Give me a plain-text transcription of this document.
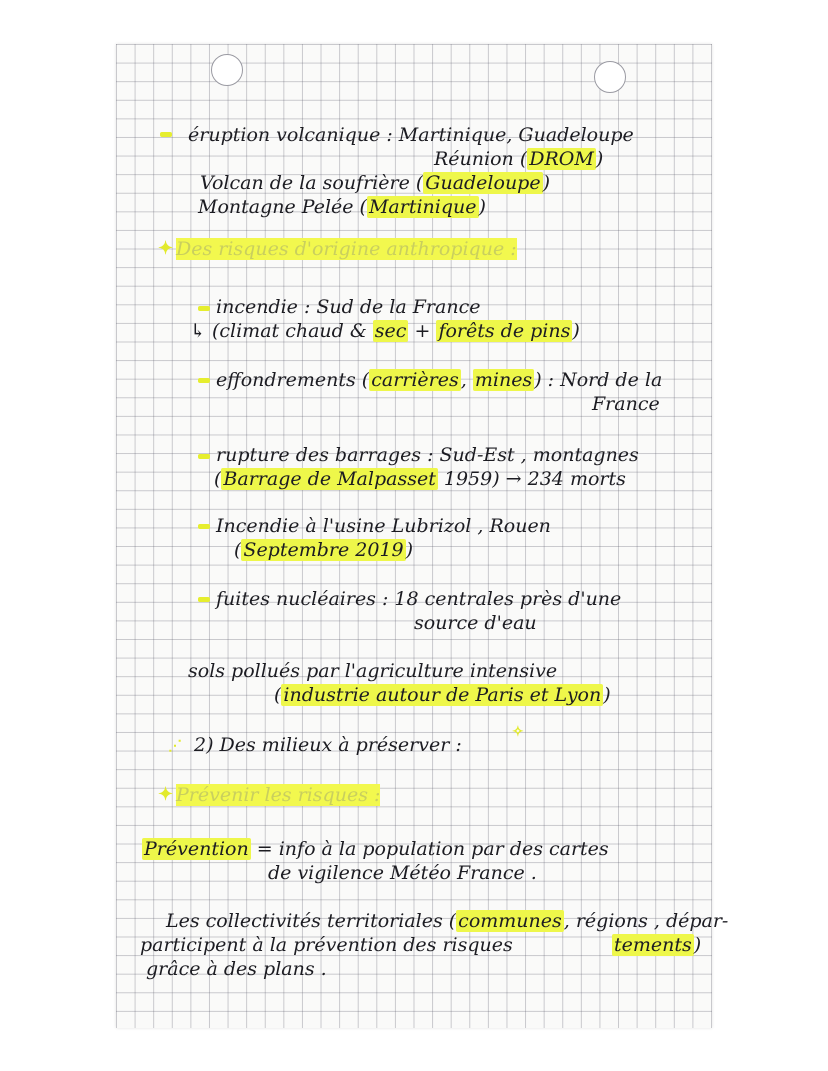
éruption volcanique : Martinique, Guadeloupe
Réunion ( DROM )
Volcan de la soufrière ( Guadeloupe )
Montagne Pelée ( Martinique )
✦ Des risques d'origine anthropique :
incendie : Sud de la France
↳ (climat chaud & sec + forêts de pins )
effondrements ( carrières , mines ) : Nord de la
France
rupture des barrages : Sud-Est , montagnes
( Barrage de Malpasset 1959) → 234 morts
Incendie à l'usine Lubrizol , Rouen
( Septembre 2019 )
fuites nucléaires : 18 centrales près d'une
source d'eau
sols pollués par l'agriculture intensive
( industrie autour de Paris et Lyon )
⋰ 2) Des milieux à préserver :
✧
✦ Prévenir les risques :
Prévention = info à la population par des cartes
de vigilence Météo France .
Les collectivités territoriales ( communes , régions , dépar-
participent à la prévention des risques	tements )
grâce à des plans .
